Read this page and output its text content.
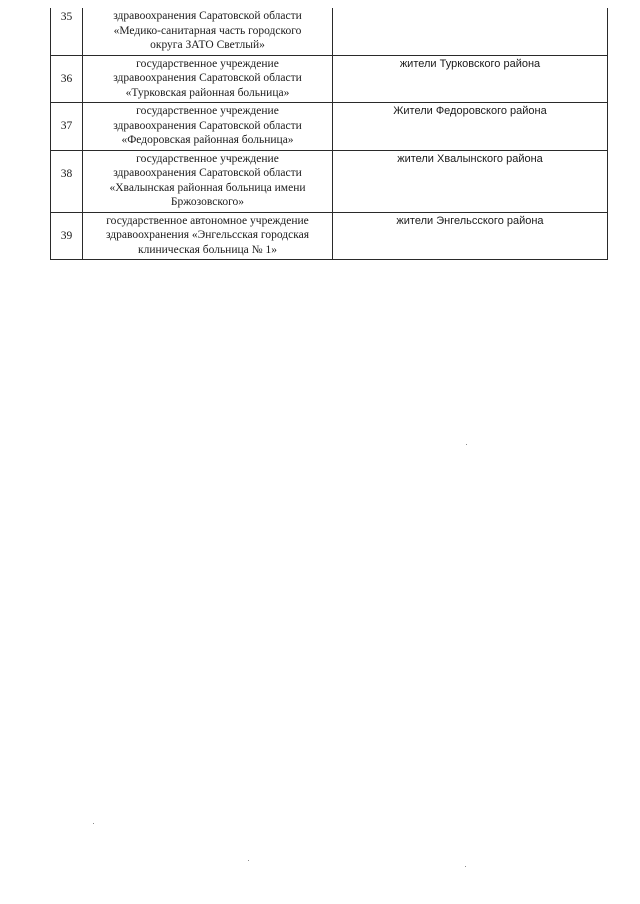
35	здравоохранения Саратовской области
«Медико-санитарная часть городского
округа ЗАТО Светлый»	
36	государственное учреждение
здравоохранения Саратовской области
«Турковская районная больница»	жители Турковского района
37	государственное учреждение
здравоохранения Саратовской области
«Федоровская районная больница»	Жители Федоровского района
38	государственное учреждение
здравоохранения Саратовской области
«Хвалынская районная больница имени
Бржозовского»	жители Хвалынского района
39	государственное автономное учреждение
здравоохранения «Энгельсская городская
клиническая больница № 1»	жители Энгельсского района
